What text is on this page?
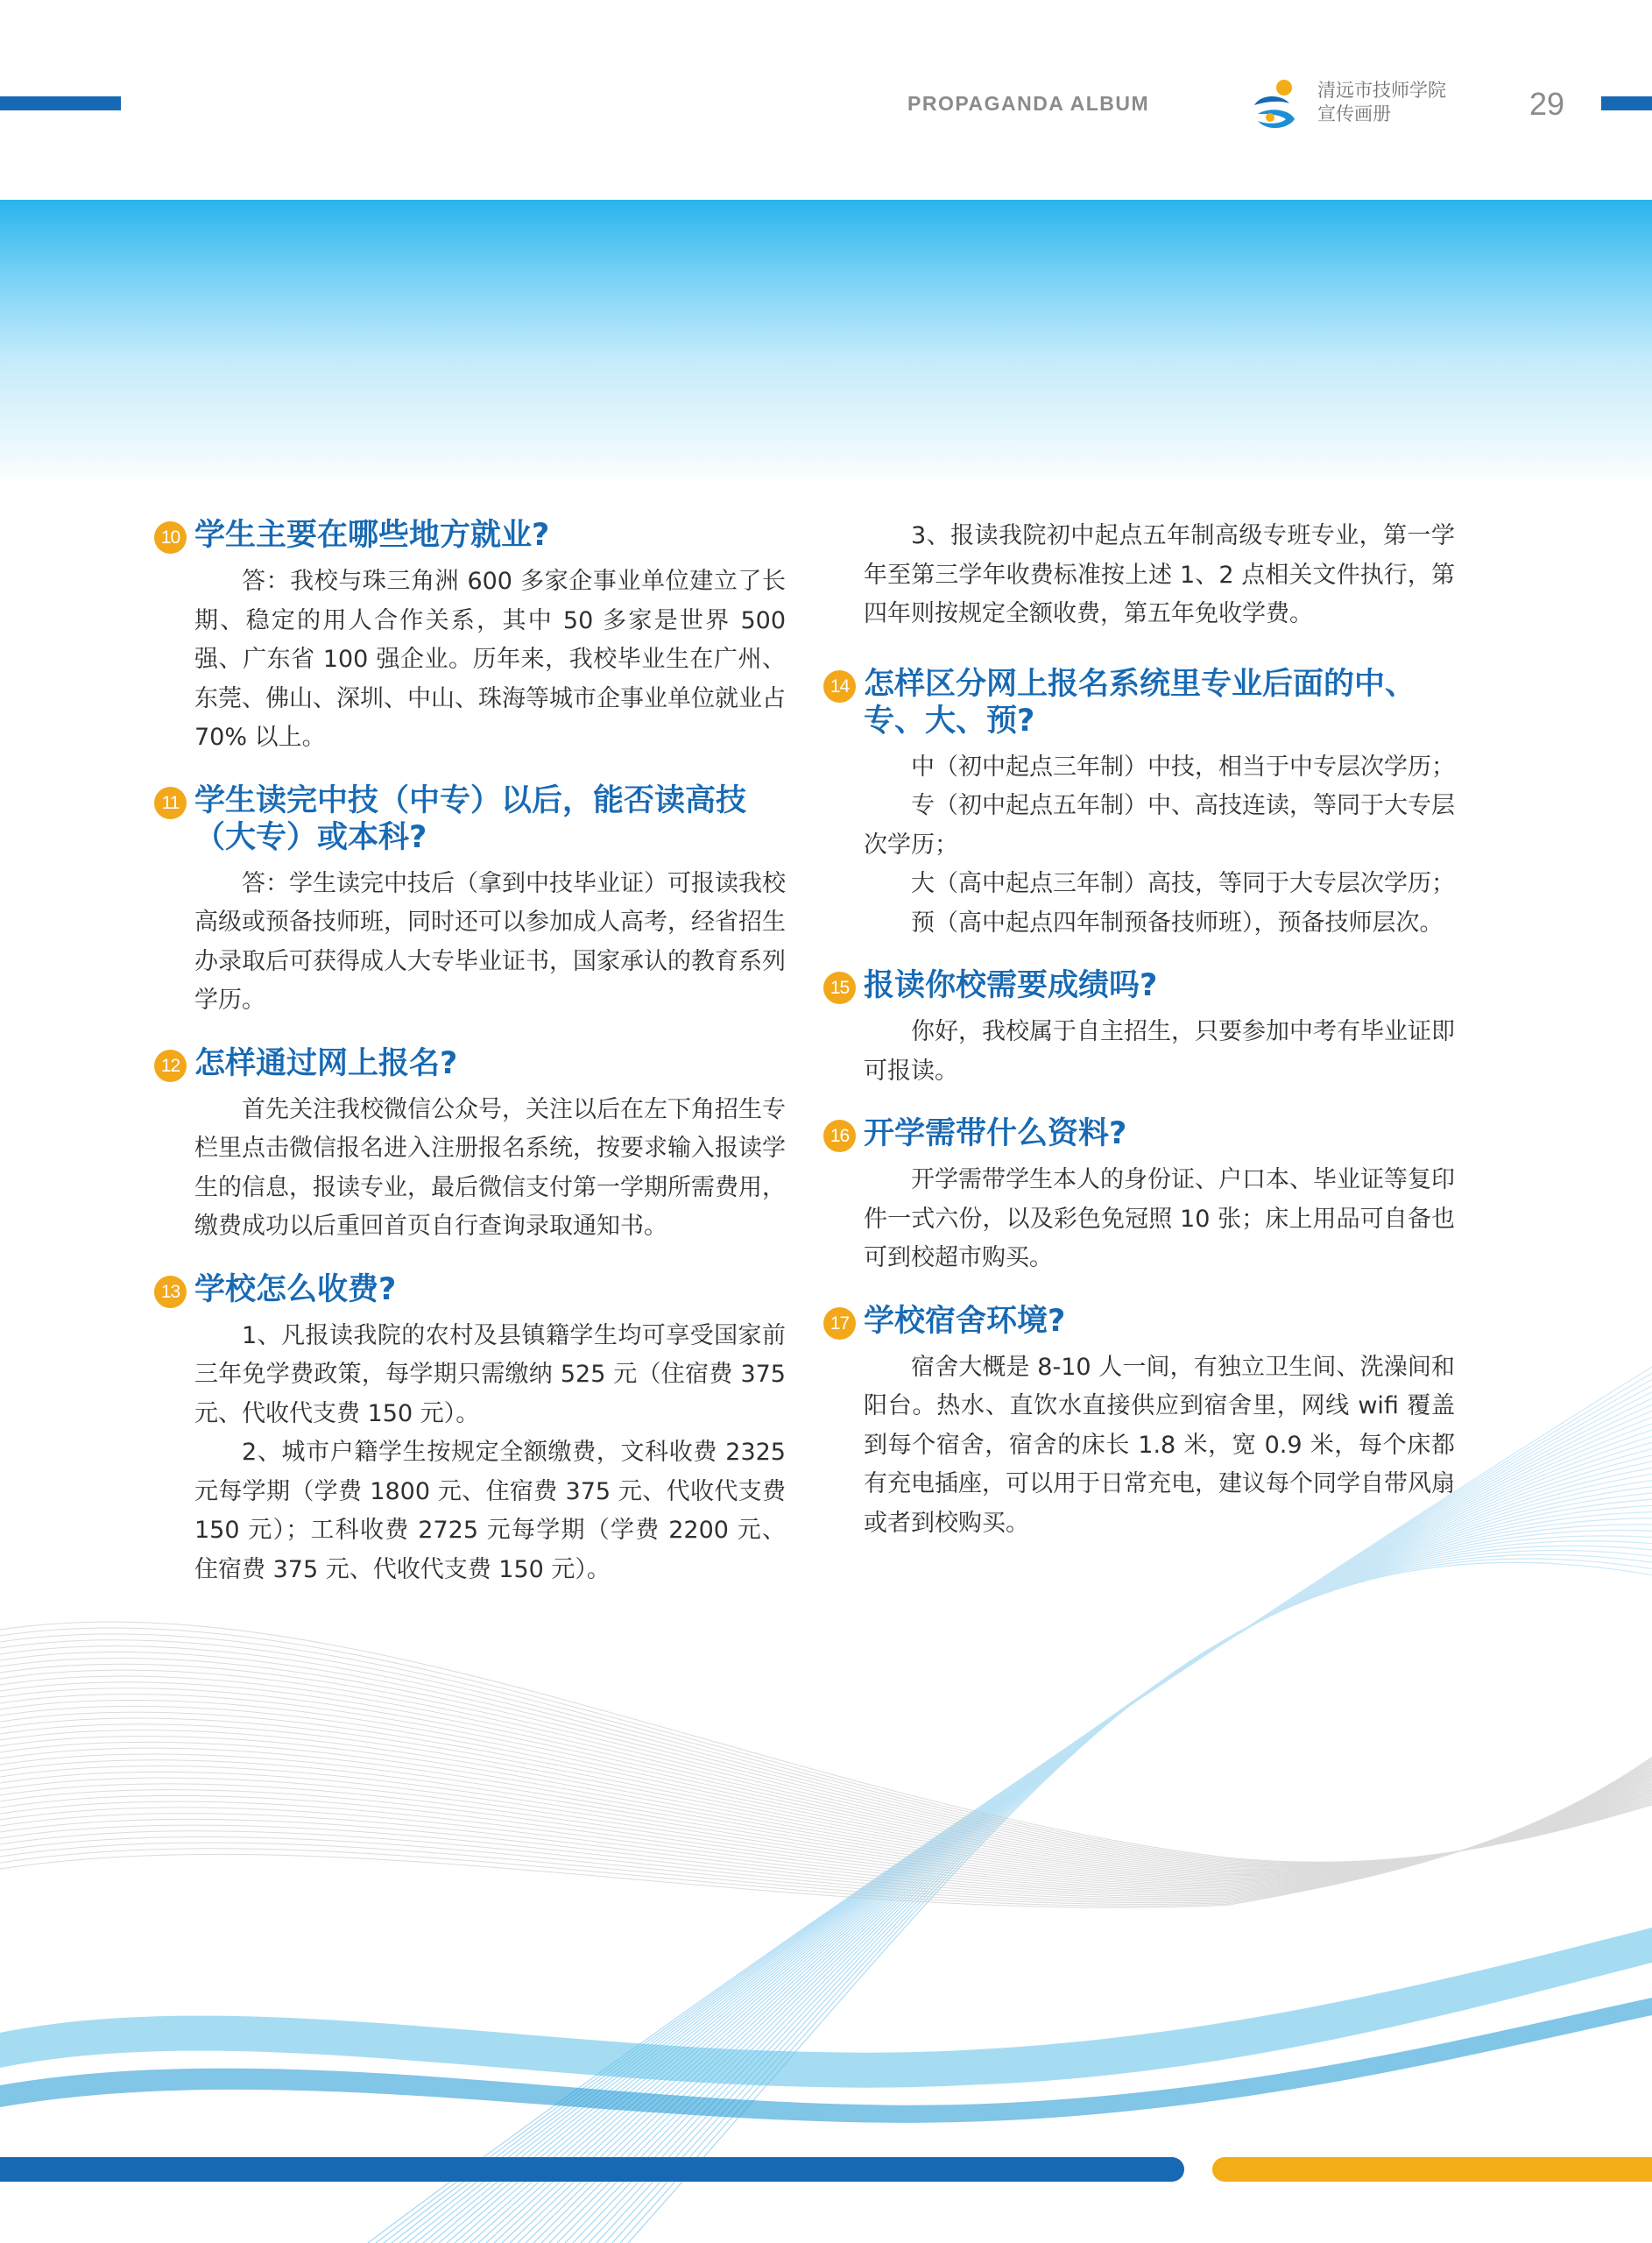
PROPAGANDA ALBUM
清远市技师学院
宣传画册	29
10 学生主要在哪些地方就业?

答：我校与珠三角洲 600 多家企事业单位建立了长期、稳定的用人合作关系，其中 50 多家是世界 500 强、广东省 100 强企业。历年来，我校毕业生在广州、东莞、佛山、深圳、中山、珠海等城市企事业单位就业占 70% 以上。

11 学生读完中技（中专）以后，能否读高技（大专）或本科?

答：学生读完中技后（拿到中技毕业证）可报读我校高级或预备技师班，同时还可以参加成人高考，经省招生办录取后可获得成人大专毕业证书，国家承认的教育系列学历。

12 怎样通过网上报名?

首先关注我校微信公众号，关注以后在左下角招生专栏里点击微信报名进入注册报名系统，按要求输入报读学生的信息，报读专业，最后微信支付第一学期所需费用，缴费成功以后重回首页自行查询录取通知书。

13 学校怎么收费?

1、凡报读我院的农村及县镇籍学生均可享受国家前三年免学费政策，每学期只需缴纳 525 元（住宿费 375 元、代收代支费 150 元）。

2、城市户籍学生按规定全额缴费，文科收费 2325 元每学期（学费 1800 元、住宿费 375 元、代收代支费 150 元）；工科收费 2725 元每学期（学费 2200 元、住宿费 375 元、代收代支费 150 元）。

3、报读我院初中起点五年制高级专班专业，第一学年至第三学年收费标准按上述 1、2 点相关文件执行，第四年则按规定全额收费，第五年免收学费。

14 怎样区分网上报名系统里专业后面的中、专、大、预?

中（初中起点三年制）中技，相当于中专层次学历；

专（初中起点五年制）中、高技连读，等同于大专层次学历；

大（高中起点三年制）高技，等同于大专层次学历；

预（高中起点四年制预备技师班），预备技师层次。

15 报读你校需要成绩吗?

你好，我校属于自主招生，只要参加中考有毕业证即可报读。

16 开学需带什么资料?

开学需带学生本人的身份证、户口本、毕业证等复印件一式六份，以及彩色免冠照 10 张；床上用品可自备也可到校超市购买。

17 学校宿舍环境?

宿舍大概是 8-10 人一间，有独立卫生间、洗澡间和阳台。热水、直饮水直接供应到宿舍里，网线 wifi 覆盖到每个宿舍，宿舍的床长 1.8 米，宽 0.9 米，每个床都有充电插座，可以用于日常充电，建议每个同学自带风扇或者到校购买。
